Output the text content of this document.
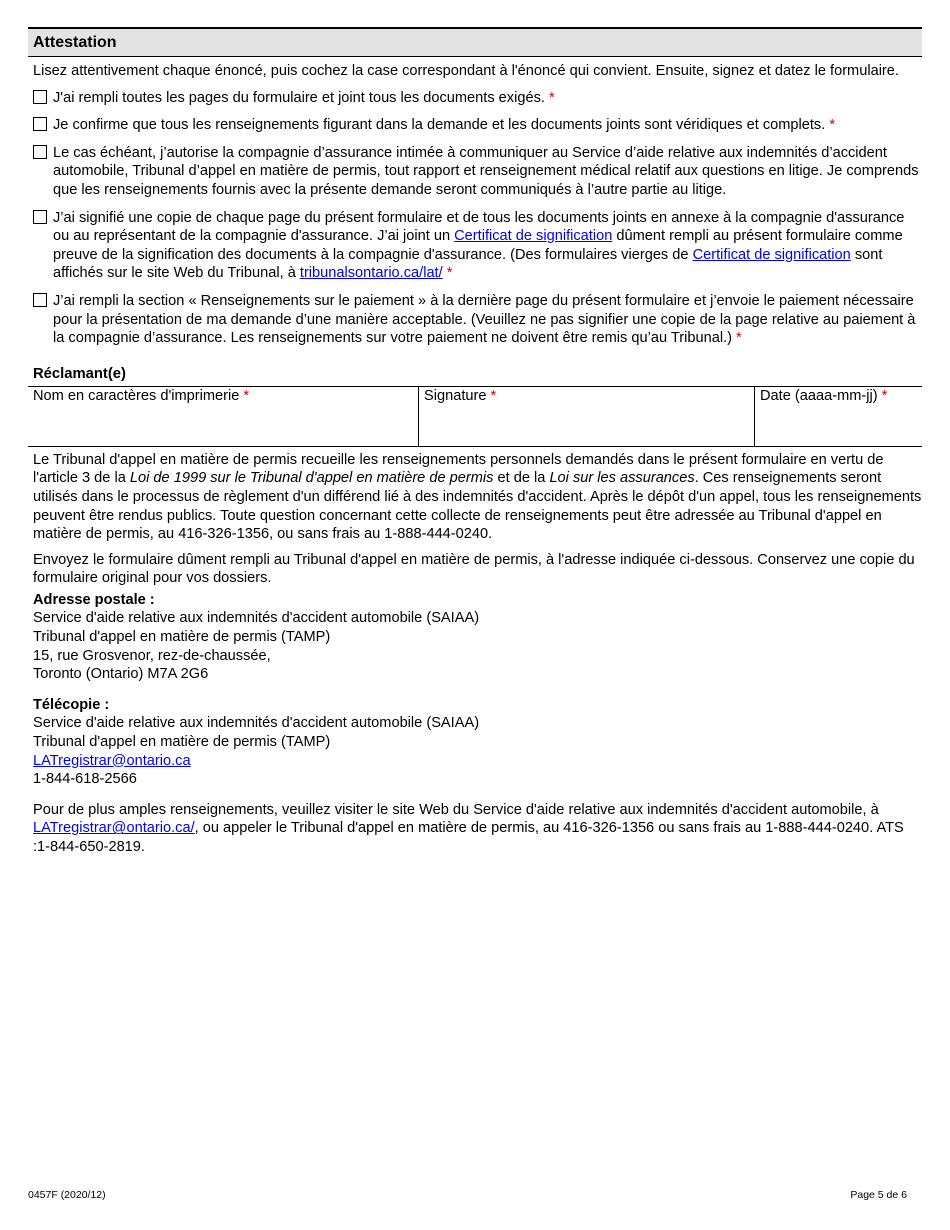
Attestation
Lisez attentivement chaque énoncé, puis cochez la case correspondant à l'énoncé qui convient. Ensuite, signez et datez le formulaire.
J'ai rempli toutes les pages du formulaire et joint tous les documents exigés. *
Je confirme que tous les renseignements figurant dans la demande et les documents joints sont véridiques et complets. *
Le cas échéant, j’autorise la compagnie d’assurance intimée à communiquer au Service d’aide relative aux indemnités d’accident automobile, Tribunal d’appel en matière de permis, tout rapport et renseignement médical relatif aux questions en litige. Je comprends que les renseignements fournis avec la présente demande seront communiqués à l’autre partie au litige.
J’ai signifié une copie de chaque page du présent formulaire et de tous les documents joints en annexe à la compagnie d'assurance ou au représentant de la compagnie d'assurance. J’ai joint un Certificat de signification dûment rempli au présent formulaire comme preuve de la signification des documents à la compagnie d'assurance. (Des formulaires vierges de Certificat de signification sont affichés sur le site Web du Tribunal, à tribunalsontario.ca/lat/ *
J’ai rempli la section « Renseignements sur le paiement » à la dernière page du présent formulaire et j’envoie le paiement nécessaire pour la présentation de ma demande d’une manière acceptable. (Veuillez ne pas signifier une copie de la page relative au paiement à la compagnie d’assurance. Les renseignements sur votre paiement ne doivent être remis qu’au Tribunal.) *
Réclamant(e)
Nom en caractères d'imprimerie *	Signature *	Date (aaaa-mm-jj) *
Le Tribunal d'appel en matière de permis recueille les renseignements personnels demandés dans le présent formulaire en vertu de l'article 3 de la Loi de 1999 sur le Tribunal d'appel en matière de permis et de la Loi sur les assurances. Ces renseignements seront utilisés dans le processus de règlement d'un différend lié à des indemnités d'accident. Après le dépôt d'un appel, tous les renseignements peuvent être rendus publics. Toute question concernant cette collecte de renseignements peut être adressée au Tribunal d'appel en matière de permis, au 416-326-1356, ou sans frais au 1-888-444-0240.
Envoyez le formulaire dûment rempli au Tribunal d'appel en matière de permis, à l'adresse indiquée ci-dessous. Conservez une copie du formulaire original pour vos dossiers.
Adresse postale :
Service d'aide relative aux indemnités d'accident automobile (SAIAA)
Tribunal d'appel en matière de permis (TAMP)
15, rue Grosvenor, rez-de-chaussée,
Toronto (Ontario) M7A 2G6
Télécopie :
Service d'aide relative aux indemnités d'accident automobile (SAIAA)
Tribunal d'appel en matière de permis (TAMP)
LATregistrar@ontario.ca
1-844-618-2566
Pour de plus amples renseignements, veuillez visiter le site Web du Service d'aide relative aux indemnités d'accident automobile, à LATregistrar@ontario.ca/, ou appeler le Tribunal d'appel en matière de permis, au 416-326-1356 ou sans frais au 1-888-444-0240. ATS :1-844-650-2819.
0457F (2020/12)	Page 5 de 6
